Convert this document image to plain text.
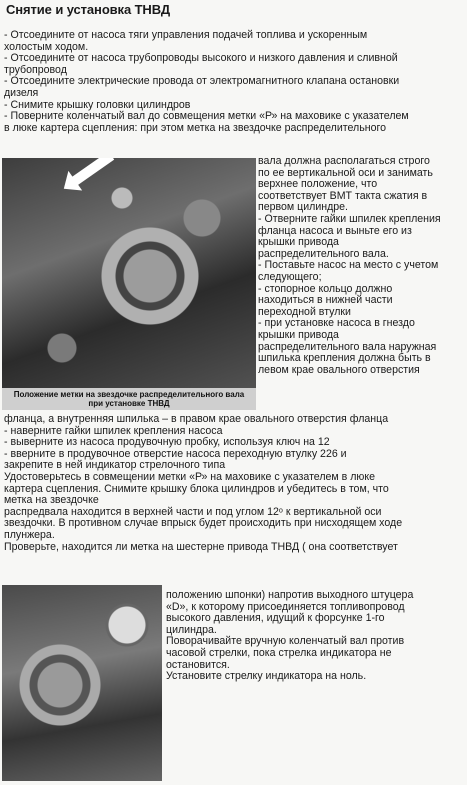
Снятие и установка ТНВД
- Отсоедините от насоса тяги управления подачей топлива и ускоренным
холостым ходом.
- Отсоедините от насоса трубопроводы высокого и низкого давления и сливной
трубопровод
- Отсоедините электрические провода от электромагнитного клапана остановки
дизеля
- Снимите крышку головки цилиндров
- Поверните коленчатый вал до совмещения метки «Р» на маховике с указателем
в люке картера сцепления: при этом метка на звездочке распределительного
Положение метки на звездочке распределительного вала
при установке ТНВД
вала должна располагаться строго
по ее вертикальной оси и занимать
верхнее положение, что
соответствует ВМТ такта сжатия в
первом цилиндре.
- Отверните гайки шпилек крепления
фланца насоса и выньте его из
крышки привода
распределительного вала.
- Поставьте насос на место с учетом
следующего;
- стопорное кольцо должно
находиться в нижней части
переходной втулки
- при установке насоса в гнездо
крышки привода
распределительного вала наружная
шпилька крепления должна быть в
левом крае овального отверстия
фланца, а внутренняя шпилька – в правом крае овального отверстия фланца
- наверните гайки шпилек крепления насоса
- выверните из насоса продувочную пробку, используя ключ на 12
- вверните в продувочное отверстие насоса переходную втулку 226 и
закрепите в ней индикатор стрелочного типа
Удостоверьтесь в совмещении метки «Р» на маховике с указателем в люке
картера сцепления. Снимите крышку блока цилиндров и убедитесь в том, что
метка на звездочке
распредвала находится в верхней части и под углом 12ᵒ к вертикальной оси
звездочки. В противном случае впрыск будет происходить при нисходящем ходе
плунжера.
Проверьте, находится ли метка на шестерне привода ТНВД ( она соответствует
положению шпонки) напротив выходного штуцера
«D», к которому присоединяется топливопровод
высокого давления, идущий к форсунке 1-го
цилиндра.
Поворачивайте вручную коленчатый вал против
часовой стрелки, пока стрелка индикатора не
остановится.
Установите стрелку индикатора на ноль.
